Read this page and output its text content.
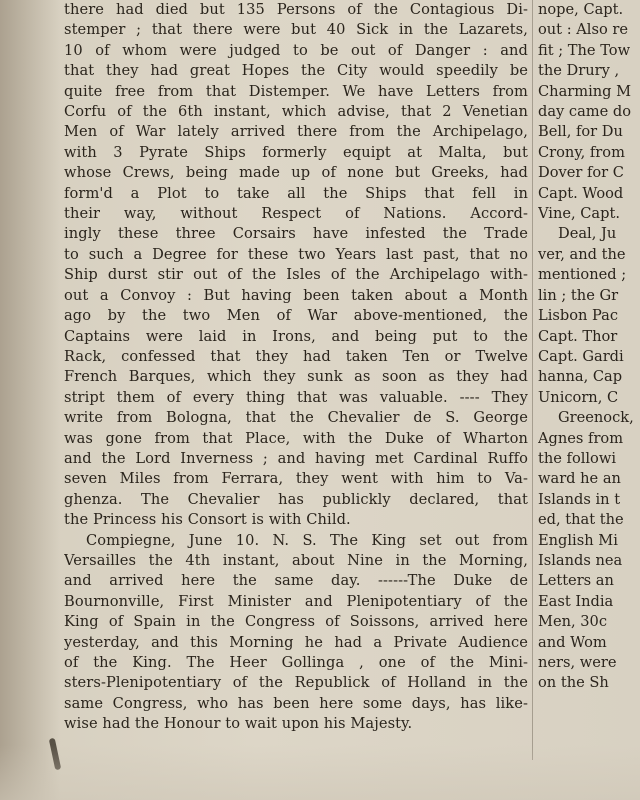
there had died but 135 Persons of the Contagious Di-

stemper ; that there were but 40 Sick in the Lazarets,

10 of whom were judged to be out of Danger : and

that they had great Hopes the City would speedily be

quite free from that Distemper. We have Letters from

Corfu of the 6th instant, which advise, that 2 Venetian

Men of War lately arrived there from the Archipelago,

with 3 Pyrate Ships formerly equipt at Malta, but

whose Crews, being made up of none but Greeks, had

form'd a Plot to take all the Ships that fell in

their way, without Respect of Nations. Accord-

ingly these three Corsairs have infested the Trade

to such a Degree for these two Years last past, that no

Ship durst stir out of the Isles of the Archipelago with-

out a Convoy : But having been taken about a Month

ago by the two Men of War above-mentioned, the

Captains were laid in Irons, and being put to the

Rack, confessed that they had taken Ten or Twelve

French Barques, which they sunk as soon as they had

stript them of every thing that was valuable. ---- They

write from Bologna, that the Chevalier de S. George

was gone from that Place, with the Duke of Wharton

and the Lord Inverness ; and having met Cardinal Ruffo

seven Miles from Ferrara, they went with him to Va-

ghenza. The Chevalier has publickly declared, that

the Princess his Consort is with Child.

Compiegne, June 10. N. S. The King set out from

Versailles the 4th instant, about Nine in the Morning,

and arrived here the same day. ------The Duke de

Bournonville, First Minister and Plenipotentiary of the

King of Spain in the Congress of Soissons, arrived here

yesterday, and this Morning he had a Private Audience

of the King. The Heer Gollinga , one of the Mini-

sters-Plenipotentiary of the Republick of Holland in the

same Congress, who has been here some days, has like-

wise had the Honour to wait upon his Majesty.

nope, Capt.

out : Also re

fit ; The Tow

the Drury ,

Charming M

day came do

Bell, for Du

Crony, from

Dover for C

Capt. Wood

Vine, Capt.

Deal, Ju

ver, and the

mentioned ;

lin ; the Gr

Lisbon Pac

Capt. Thor

Capt. Gardi

hanna, Cap

Unicorn, C

Greenock,

Agnes from

the followi

ward he an

Islands in t

ed, that the

English Mi

Islands nea

Letters an

East India

Men, 30c

and Wom

ners, were

on the Sh
